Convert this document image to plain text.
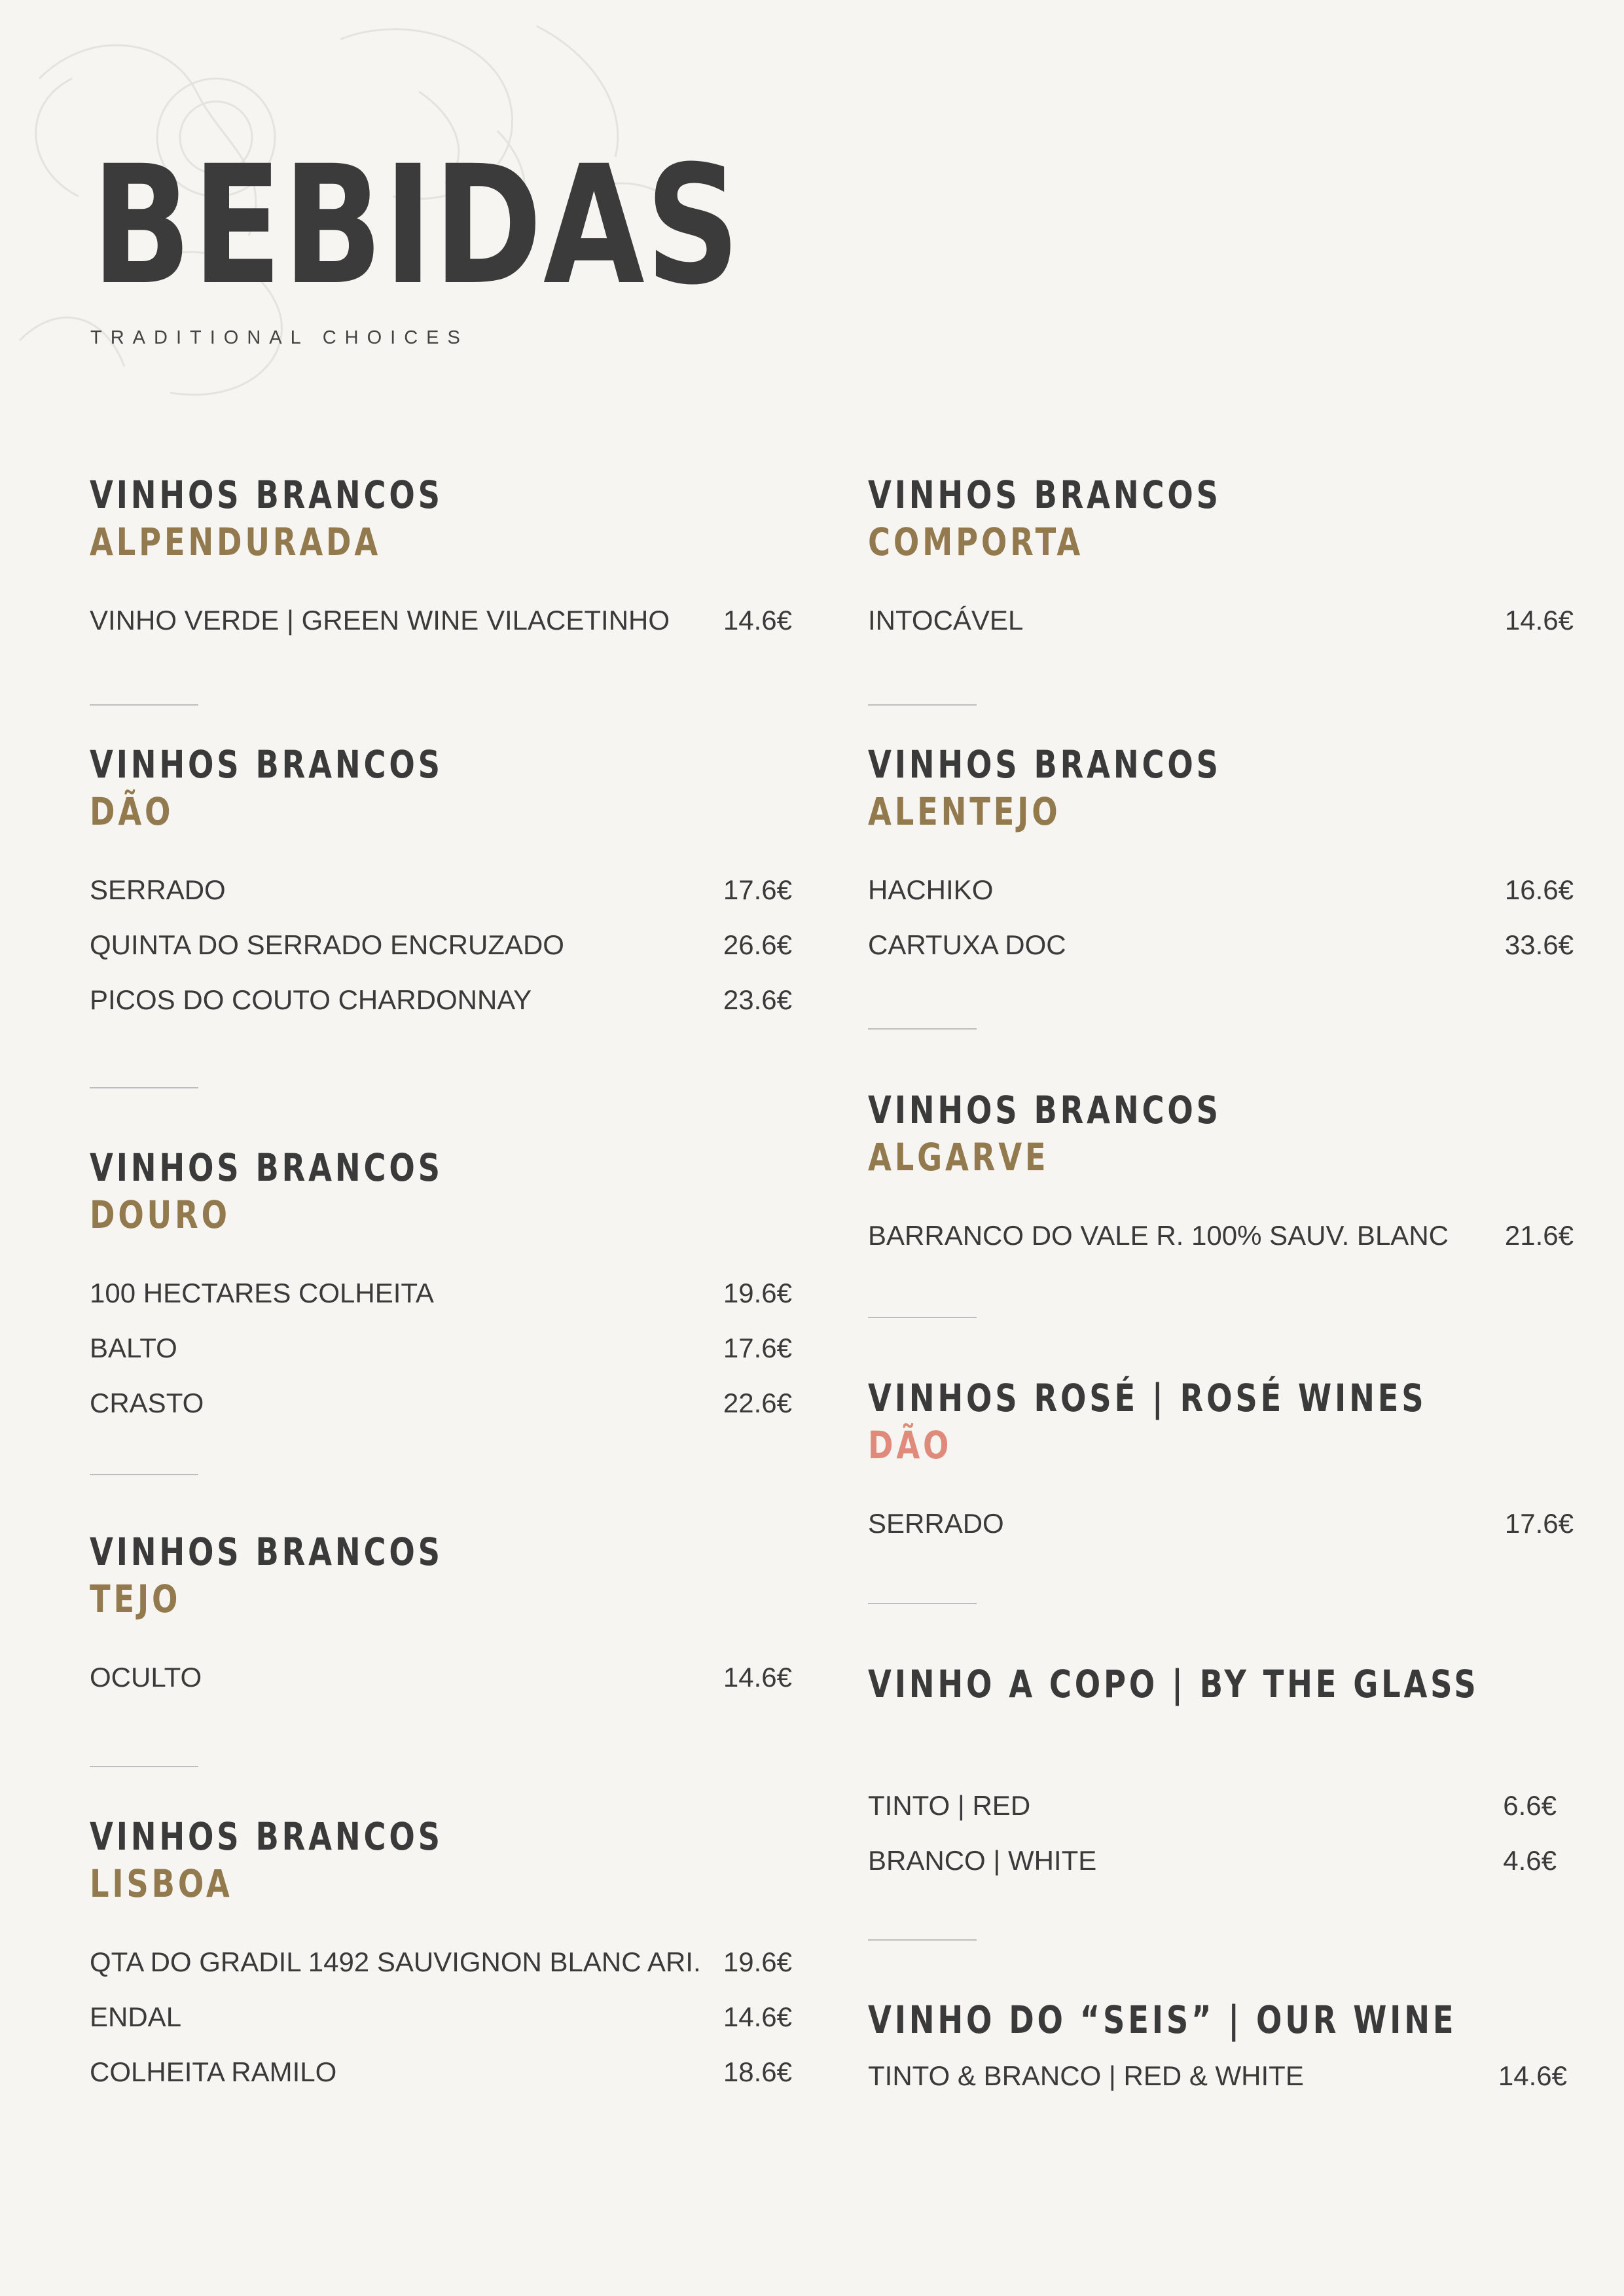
BEBIDAS
TRADITIONAL CHOICES
VINHOS BRANCOS
ALPENDURADA
VINHO VERDE | GREEN WINE VILACETINHO 14.6€
VINHOS BRANCOS
DÃO
SERRADO	17.6€
QUINTA DO SERRADO ENCRUZADO	26.6€
PICOS DO COUTO CHARDONNAY	23.6€
VINHOS BRANCOS
DOURO
100 HECTARES COLHEITA	19.6€
BALTO	17.6€
CRASTO	22.6€
VINHOS BRANCOS
TEJO
OCULTO	14.6€
VINHOS BRANCOS
LISBOA
QTA DO GRADIL 1492 SAUVIGNON BLANC ARI. 19.6€
ENDAL	14.6€
COLHEITA RAMILO	18.6€
VINHOS BRANCOS
COMPORTA
INTOCÁVEL	14.6€
VINHOS BRANCOS
ALENTEJO
HACHIKO	16.6€
CARTUXA DOC	33.6€
VINHOS BRANCOS
ALGARVE
BARRANCO DO VALE R. 100% SAUV. BLANC 21.6€
VINHOS ROSÉ | ROSÉ WINES
DÃO
SERRADO	17.6€
VINHO A COPO | BY THE GLASS
TINTO | RED	6.6€
BRANCO | WHITE	4.6€
VINHO DO “SEIS” | OUR WINE
TINTO & BRANCO | RED & WHITE	14.6€
